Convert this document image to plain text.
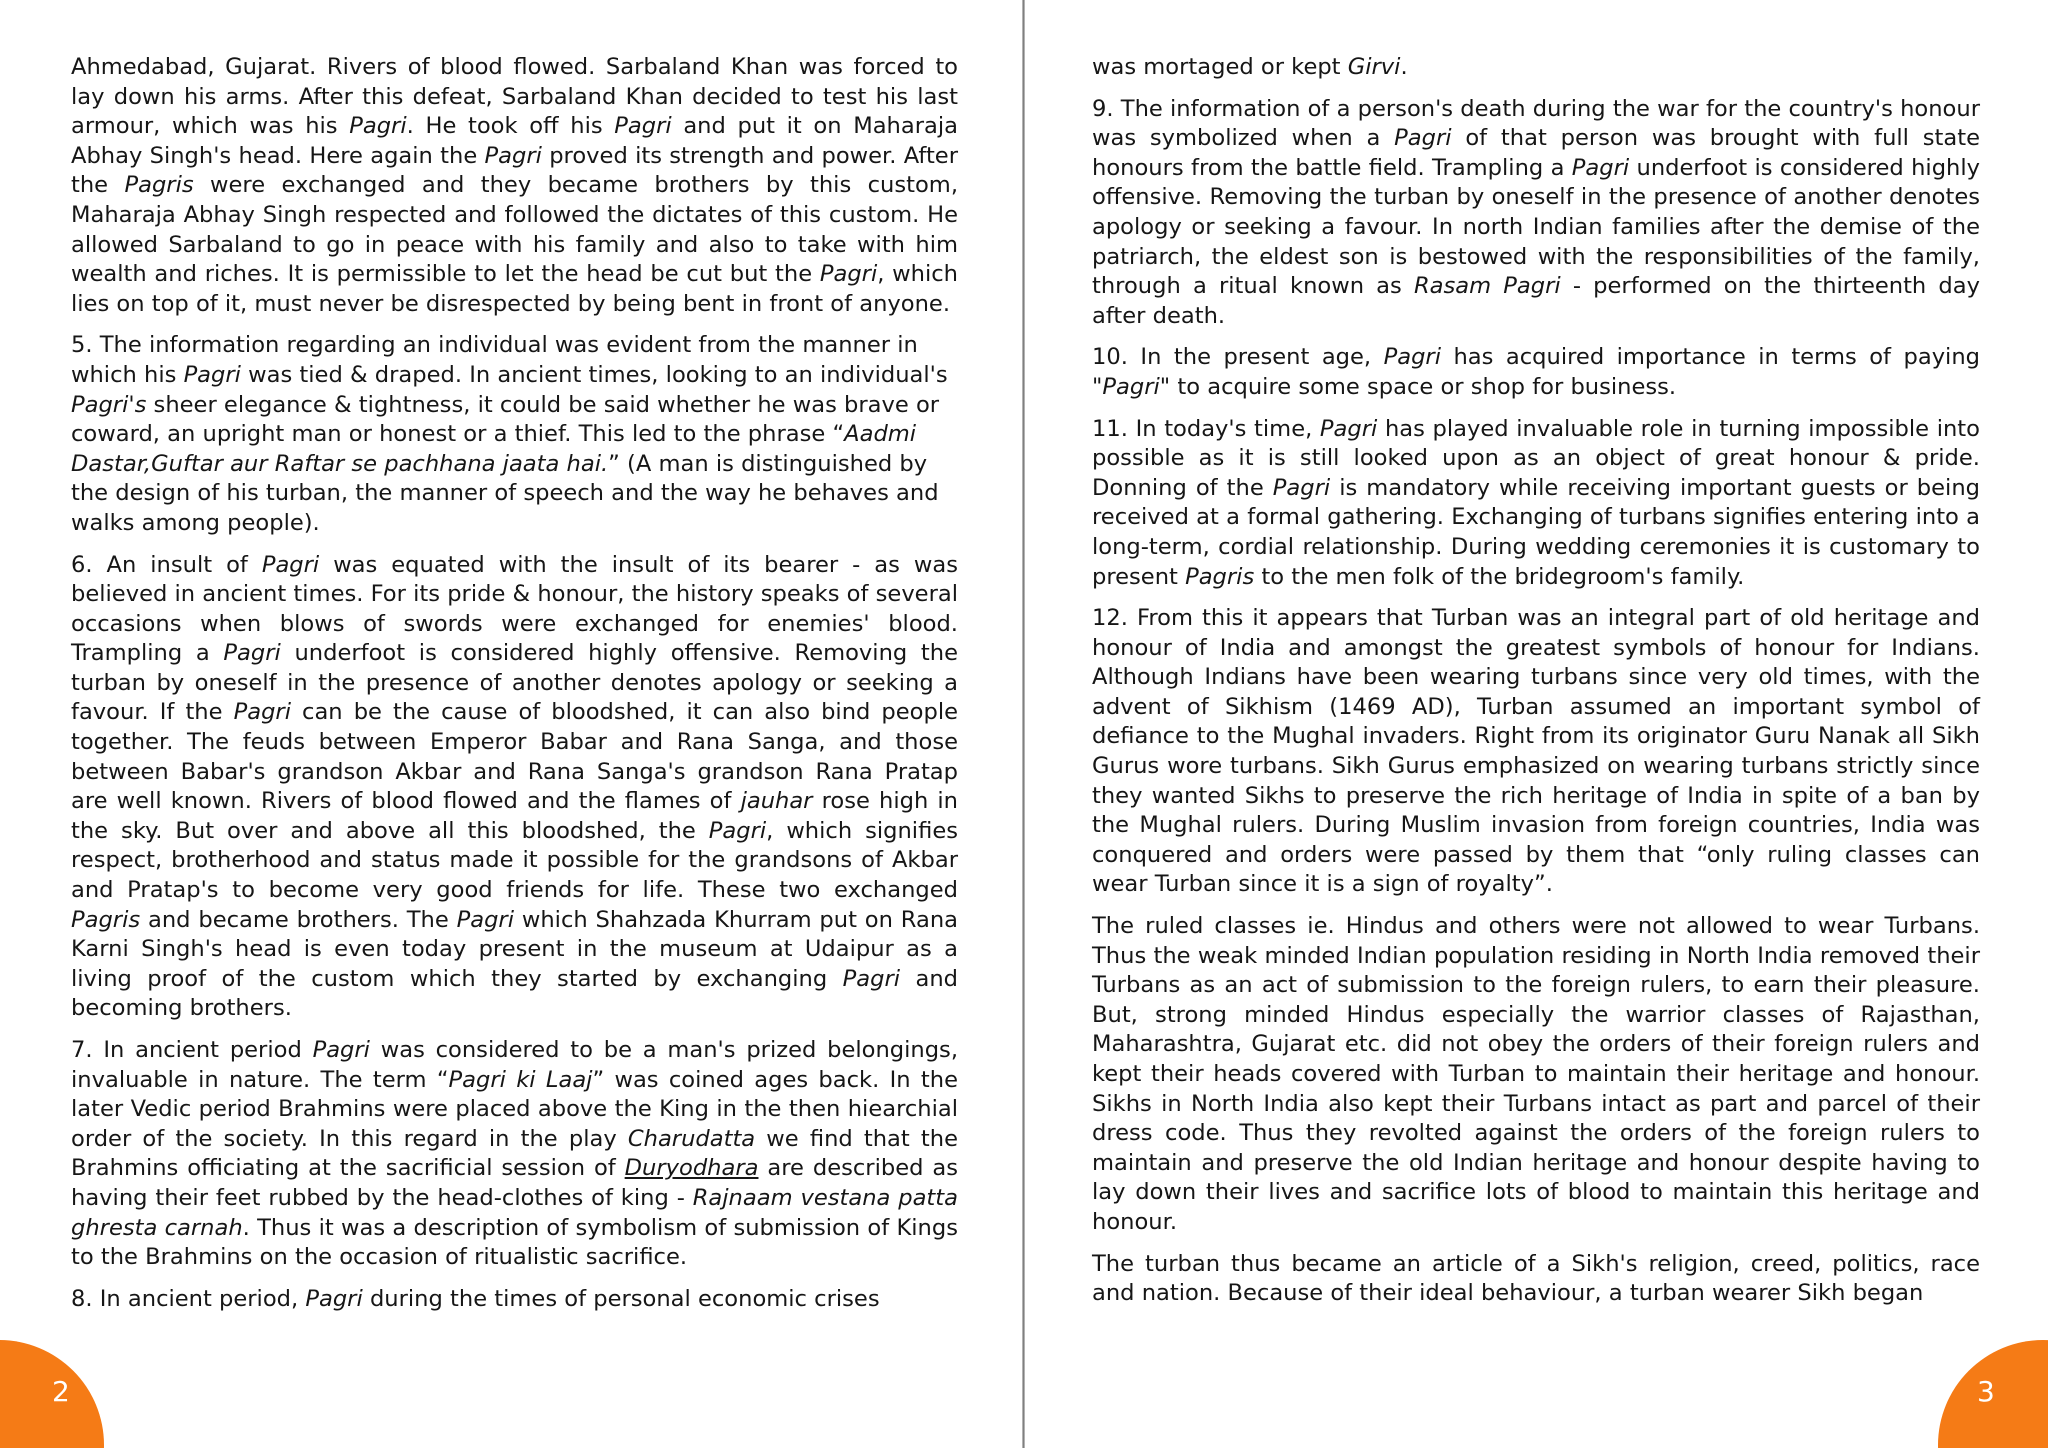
Ahmedabad, Gujarat. Rivers of blood flowed. Sarbaland Khan was forced to lay down his arms. After this defeat, Sarbaland Khan decided to test his last armour, which was his Pagri. He took off his Pagri and put it on Maharaja Abhay Singh's head. Here again the Pagri proved its strength and power. After the Pagris were exchanged and they became brothers by this custom, Maharaja Abhay Singh respected and followed the dictates of this custom. He allowed Sarbaland to go in peace with his family and also to take with him wealth and riches. It is permissible to let the head be cut but the Pagri, which lies on top of it, must never be disrespected by being bent in front of anyone.

5. The information regarding an individual was evident from the manner in which his Pagri was tied & draped. In ancient times, looking to an individual's Pagri's sheer elegance & tightness, it could be said whether he was brave or coward, an upright man or honest or a thief. This led to the phrase “Aadmi Dastar,Guftar aur Raftar se pachhana jaata hai.” (A man is distinguished by the design of his turban, the manner of speech and the way he behaves and walks among people).

6. An insult of Pagri was equated with the insult of its bearer - as was believed in ancient times. For its pride & honour, the history speaks of several occasions when blows of swords were exchanged for enemies' blood. Trampling a Pagri underfoot is considered highly offensive. Removing the turban by oneself in the presence of another denotes apology or seeking a favour. If the Pagri can be the cause of bloodshed, it can also bind people together. The feuds between Emperor Babar and Rana Sanga, and those between Babar's grandson Akbar and Rana Sanga's grandson Rana Pratap are well known. Rivers of blood flowed and the flames of jauhar rose high in the sky. But over and above all this bloodshed, the Pagri, which signifies respect, brotherhood and status made it possible for the grandsons of Akbar and Pratap's to become very good friends for life. These two exchanged Pagris and became brothers. The Pagri which Shahzada Khurram put on Rana Karni Singh's head is even today present in the museum at Udaipur as a living proof of the custom which they started by exchanging Pagri and becoming brothers.

7. In ancient period Pagri was considered to be a man's prized belongings, invaluable in nature. The term “Pagri ki Laaj” was coined ages back. In the later Vedic period Brahmins were placed above the King in the then hiearchial order of the society. In this regard in the play Charudatta we find that the Brahmins officiating at the sacrificial session of Duryodhara are described as having their feet rubbed by the head-clothes of king - Rajnaam vestana patta ghresta carnah. Thus it was a description of symbolism of submission of Kings to the Brahmins on the occasion of ritualistic sacrifice.

8. In ancient period, Pagri during the times of personal economic crises

2

was mortaged or kept Girvi.

9. The information of a person's death during the war for the country's honour was symbolized when a Pagri of that person was brought with full state honours from the battle field. Trampling a Pagri underfoot is considered highly offensive. Removing the turban by oneself in the presence of another denotes apology or seeking a favour. In north Indian families after the demise of the patriarch, the eldest son is bestowed with the responsibilities of the family, through a ritual known as Rasam Pagri - performed on the thirteenth day after death.

10. In the present age, Pagri has acquired importance in terms of paying "Pagri" to acquire some space or shop for business.

11. In today's time, Pagri has played invaluable role in turning impossible into possible as it is still looked upon as an object of great honour & pride. Donning of the Pagri is mandatory while receiving important guests or being received at a formal gathering. Exchanging of turbans signifies entering into a long-term, cordial relationship. During wedding ceremonies it is customary to present Pagris to the men folk of the bridegroom's family.

12. From this it appears that Turban was an integral part of old heritage and honour of India and amongst the greatest symbols of honour for Indians. Although Indians have been wearing turbans since very old times, with the advent of Sikhism (1469 AD), Turban assumed an important symbol of defiance to the Mughal invaders. Right from its originator Guru Nanak all Sikh Gurus wore turbans. Sikh Gurus emphasized on wearing turbans strictly since they wanted Sikhs to preserve the rich heritage of India in spite of a ban by the Mughal rulers. During Muslim invasion from foreign countries, India was conquered and orders were passed by them that “only ruling classes can wear Turban since it is a sign of royalty”.

The ruled classes ie. Hindus and others were not allowed to wear Turbans. Thus the weak minded Indian population residing in North India removed their Turbans as an act of submission to the foreign rulers, to earn their pleasure. But, strong minded Hindus especially the warrior classes of Rajasthan, Maharashtra, Gujarat etc. did not obey the orders of their foreign rulers and kept their heads covered with Turban to maintain their heritage and honour. Sikhs in North India also kept their Turbans intact as part and parcel of their dress code. Thus they revolted against the orders of the foreign rulers to maintain and preserve the old Indian heritage and honour despite having to lay down their lives and sacrifice lots of blood to maintain this heritage and honour.

The turban thus became an article of a Sikh's religion, creed, politics, race and nation. Because of their ideal behaviour, a turban wearer Sikh began

3
